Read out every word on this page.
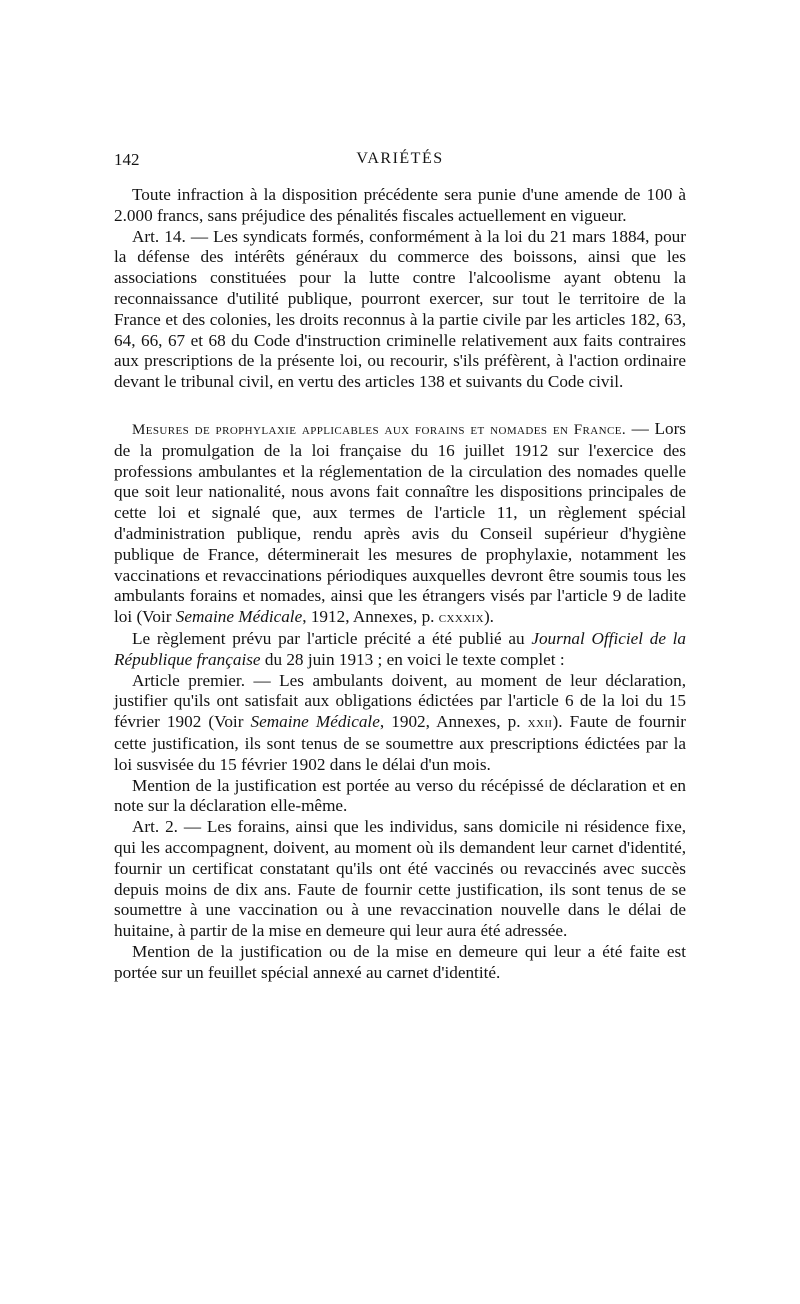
142	VARIÉTÉS

Toute infraction à la disposition précédente sera punie d'une amende de 100 à 2.000 francs, sans préjudice des pénalités fiscales actuellement en vigueur.

Art. 14. — Les syndicats formés, conformément à la loi du 21 mars 1884, pour la défense des intérêts généraux du commerce des boissons, ainsi que les associations constituées pour la lutte contre l'alcoolisme ayant obtenu la reconnaissance d'utilité publique, pourront exercer, sur tout le territoire de la France et des colonies, les droits reconnus à la partie civile par les articles 182, 63, 64, 66, 67 et 68 du Code d'instruction criminelle relativement aux faits contraires aux prescriptions de la présente loi, ou recourir, s'ils préfèrent, à l'action ordinaire devant le tribunal civil, en vertu des articles 138 et suivants du Code civil.

Mesures de prophylaxie applicables aux forains et nomades en France. — Lors de la promulgation de la loi française du 16 juillet 1912 sur l'exercice des professions ambulantes et la réglementation de la circulation des nomades quelle que soit leur nationalité, nous avons fait connaître les dispositions principales de cette loi et signalé que, aux termes de l'article 11, un règlement spécial d'administration publique, rendu après avis du Conseil supérieur d'hygiène publique de France, déterminerait les mesures de prophylaxie, notamment les vaccinations et revaccinations périodiques auxquelles devront être soumis tous les ambulants forains et nomades, ainsi que les étrangers visés par l'article 9 de ladite loi (Voir Semaine Médicale, 1912, Annexes, p. cxxxix).

Le règlement prévu par l'article précité a été publié au Journal Officiel de la République française du 28 juin 1913 ; en voici le texte complet :

Article premier. — Les ambulants doivent, au moment de leur déclaration, justifier qu'ils ont satisfait aux obligations édictées par l'article 6 de la loi du 15 février 1902 (Voir Semaine Médicale, 1902, Annexes, p. xxii). Faute de fournir cette justification, ils sont tenus de se soumettre aux prescriptions édictées par la loi susvisée du 15 février 1902 dans le délai d'un mois.

Mention de la justification est portée au verso du récépissé de déclaration et en note sur la déclaration elle-même.

Art. 2. — Les forains, ainsi que les individus, sans domicile ni résidence fixe, qui les accompagnent, doivent, au moment où ils demandent leur carnet d'identité, fournir un certificat constatant qu'ils ont été vaccinés ou revaccinés avec succès depuis moins de dix ans. Faute de fournir cette justification, ils sont tenus de se soumettre à une vaccination ou à une revaccination nouvelle dans le délai de huitaine, à partir de la mise en demeure qui leur aura été adressée.

Mention de la justification ou de la mise en demeure qui leur a été faite est portée sur un feuillet spécial annexé au carnet d'identité.
